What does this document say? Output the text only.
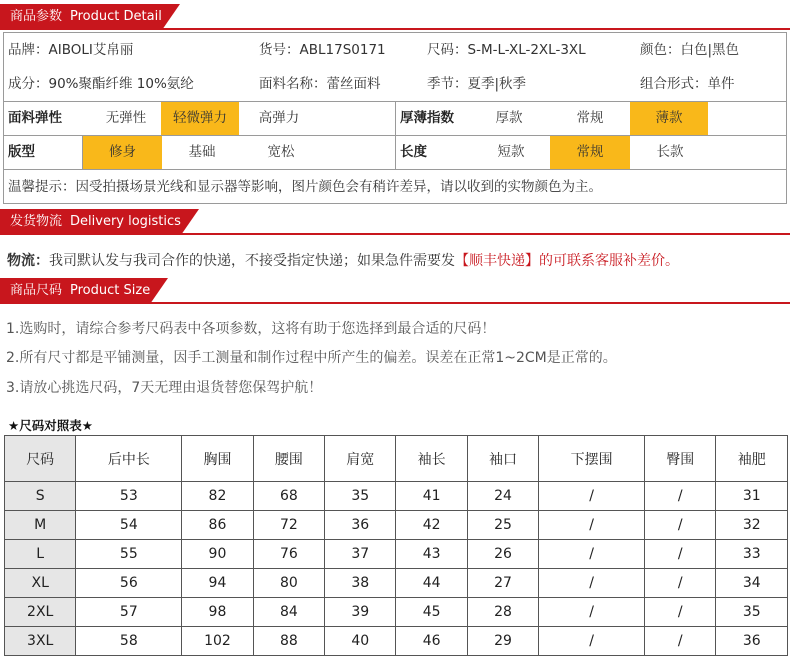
商品参数 Product Detail
品牌：AIBOLI艾帛丽	货号：ABL17S0171	尺码：S-M-L-XL-2XL-3XL	颜色：白色|黑色
成分：90%聚酯纤维 10%氨纶	面料名称：蕾丝面料	季节：夏季|秋季	组合形式：单件
面料弹性	无弹性	轻微弹力	高弹力	厚薄指数	厚款	常规	薄款
版型	修身	基础	宽松	长度	短款	常规	长款
温馨提示：因受拍摄场景光线和显示器等影响，图片颜色会有稍许差异，请以收到的实物颜色为主。
发货物流 Delivery logistics
物流：我司默认发与我司合作的快递，不接受指定快递；如果急件需要发【顺丰快递】的可联系客服补差价。
商品尺码 Product Size
1.选购时，请综合参考尺码表中各项参数，这将有助于您选择到最合适的尺码！
2.所有尺寸都是平铺测量，因手工测量和制作过程中所产生的偏差。误差在正常1~2CM是正常的。
3.请放心挑选尺码，7天无理由退货替您保驾护航！
★尺码对照表★
尺码	后中长	胸围	腰围	肩宽	袖长	袖口	下摆围	臀围	袖肥
S	53	82	68	35	41	24	/	/	31
M	54	86	72	36	42	25	/	/	32
L	55	90	76	37	43	26	/	/	33
XL	56	94	80	38	44	27	/	/	34
2XL	57	98	84	39	45	28	/	/	35
3XL	58	102	88	40	46	29	/	/	36
